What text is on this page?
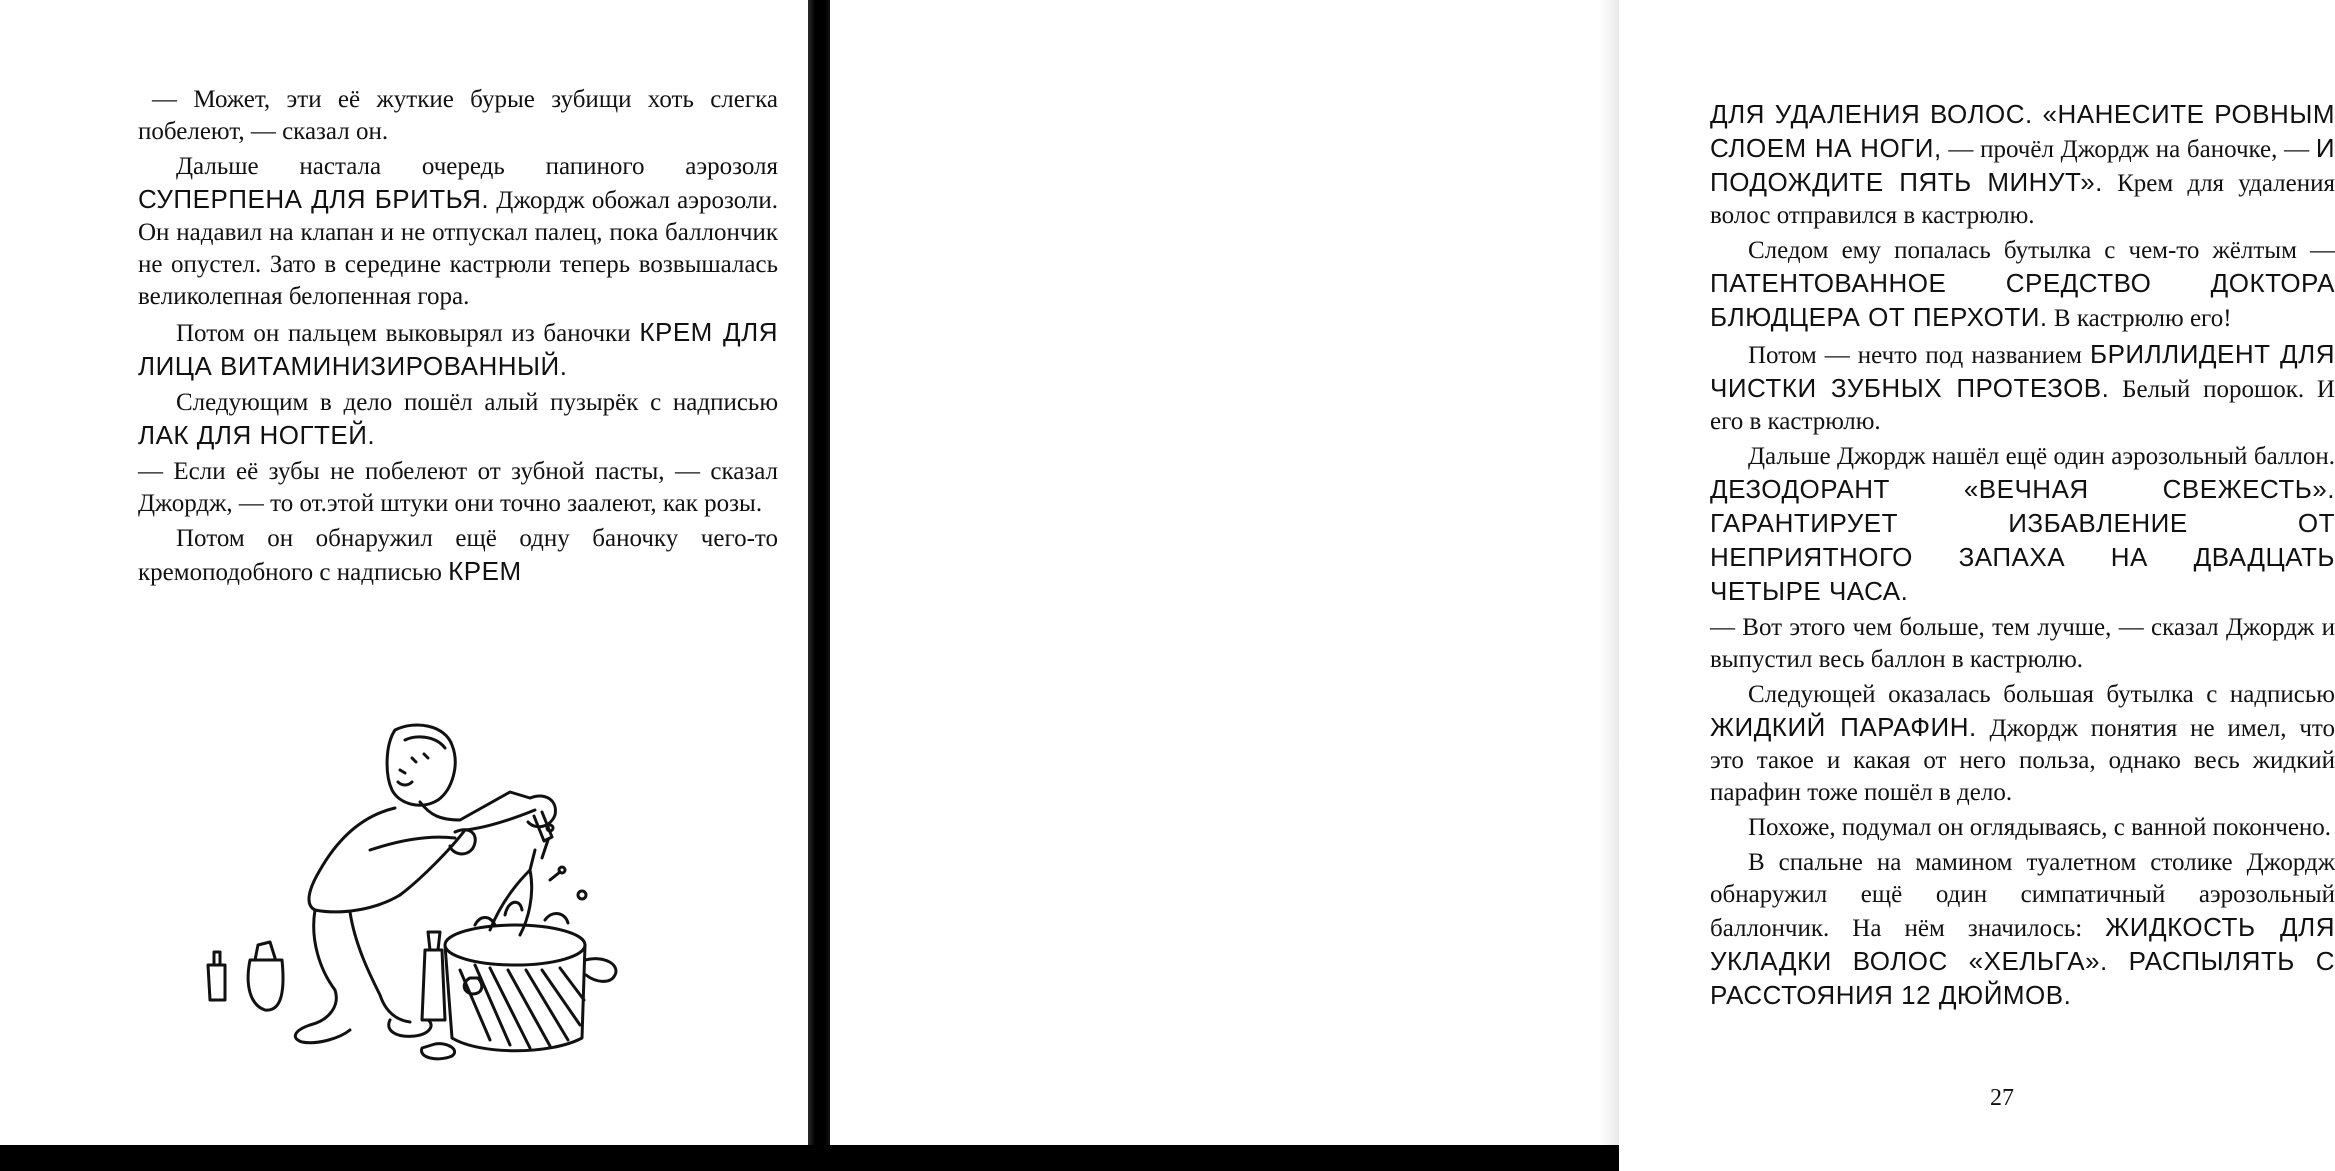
— Может, эти её жуткие бурые зубищи хоть слегка побелеют, — сказал он.

Дальше настала очередь папиного аэрозоля СУПЕРПЕНА ДЛЯ БРИТЬЯ. Джордж обожал аэрозоли. Он надавил на клапан и не отпускал палец, пока баллончик не опустел. Зато в середине кастрюли теперь возвышалась великолепная белопенная гора.

Потом он пальцем выковырял из баночки КРЕМ ДЛЯ ЛИЦА ВИТАМИНИЗИРОВАННЫЙ.

Следующим в дело пошёл алый пузырёк с надписью ЛАК ДЛЯ НОГТЕЙ.

— Если её зубы не побелеют от зубной пасты, — сказал Джордж, — то от.этой штуки они точно заалеют, как розы.

Потом он обнаружил ещё одну баночку чего-то кремоподобного с надписью КРЕМ

ДЛЯ УДАЛЕНИЯ ВОЛОС. «НАНЕСИТЕ РОВНЫМ СЛОЕМ НА НОГИ, — прочёл Джордж на баночке, — И ПОДОЖДИТЕ ПЯТЬ МИНУТ». Крем для удаления волос отправился в кастрюлю.

Следом ему попалась бутылка с чем-то жёлтым — ПАТЕНТОВАННОЕ СРЕДСТВО ДОКТОРА БЛЮДЦЕРА ОТ ПЕРХОТИ. В кастрюлю его!

Потом — нечто под названием БРИЛЛИДЕНТ ДЛЯ ЧИСТКИ ЗУБНЫХ ПРОТЕЗОВ. Белый порошок. И его в кастрюлю.

Дальше Джордж нашёл ещё один аэрозольный баллон. ДЕЗОДОРАНТ «ВЕЧНАЯ СВЕЖЕСТЬ». ГАРАНТИРУЕТ ИЗБАВЛЕНИЕ ОТ НЕПРИЯТНОГО ЗАПАХА НА ДВАДЦАТЬ ЧЕТЫРЕ ЧАСА.

— Вот этого чем больше, тем лучше, — сказал Джордж и выпустил весь баллон в кастрюлю.

Следующей оказалась большая бутылка с надписью ЖИДКИЙ ПАРАФИН. Джордж понятия не имел, что это такое и какая от него польза, однако весь жидкий парафин тоже пошёл в дело.

Похоже, подумал он оглядываясь, с ванной покончено.

В спальне на мамином туалетном столике Джордж обнаружил ещё один симпатичный аэрозольный баллончик. На нём значилось: ЖИДКОСТЬ ДЛЯ УКЛАДКИ ВОЛОС «ХЕЛЬГА». РАСПЫЛЯТЬ С РАССТОЯНИЯ 12 ДЮЙМОВ.

27
